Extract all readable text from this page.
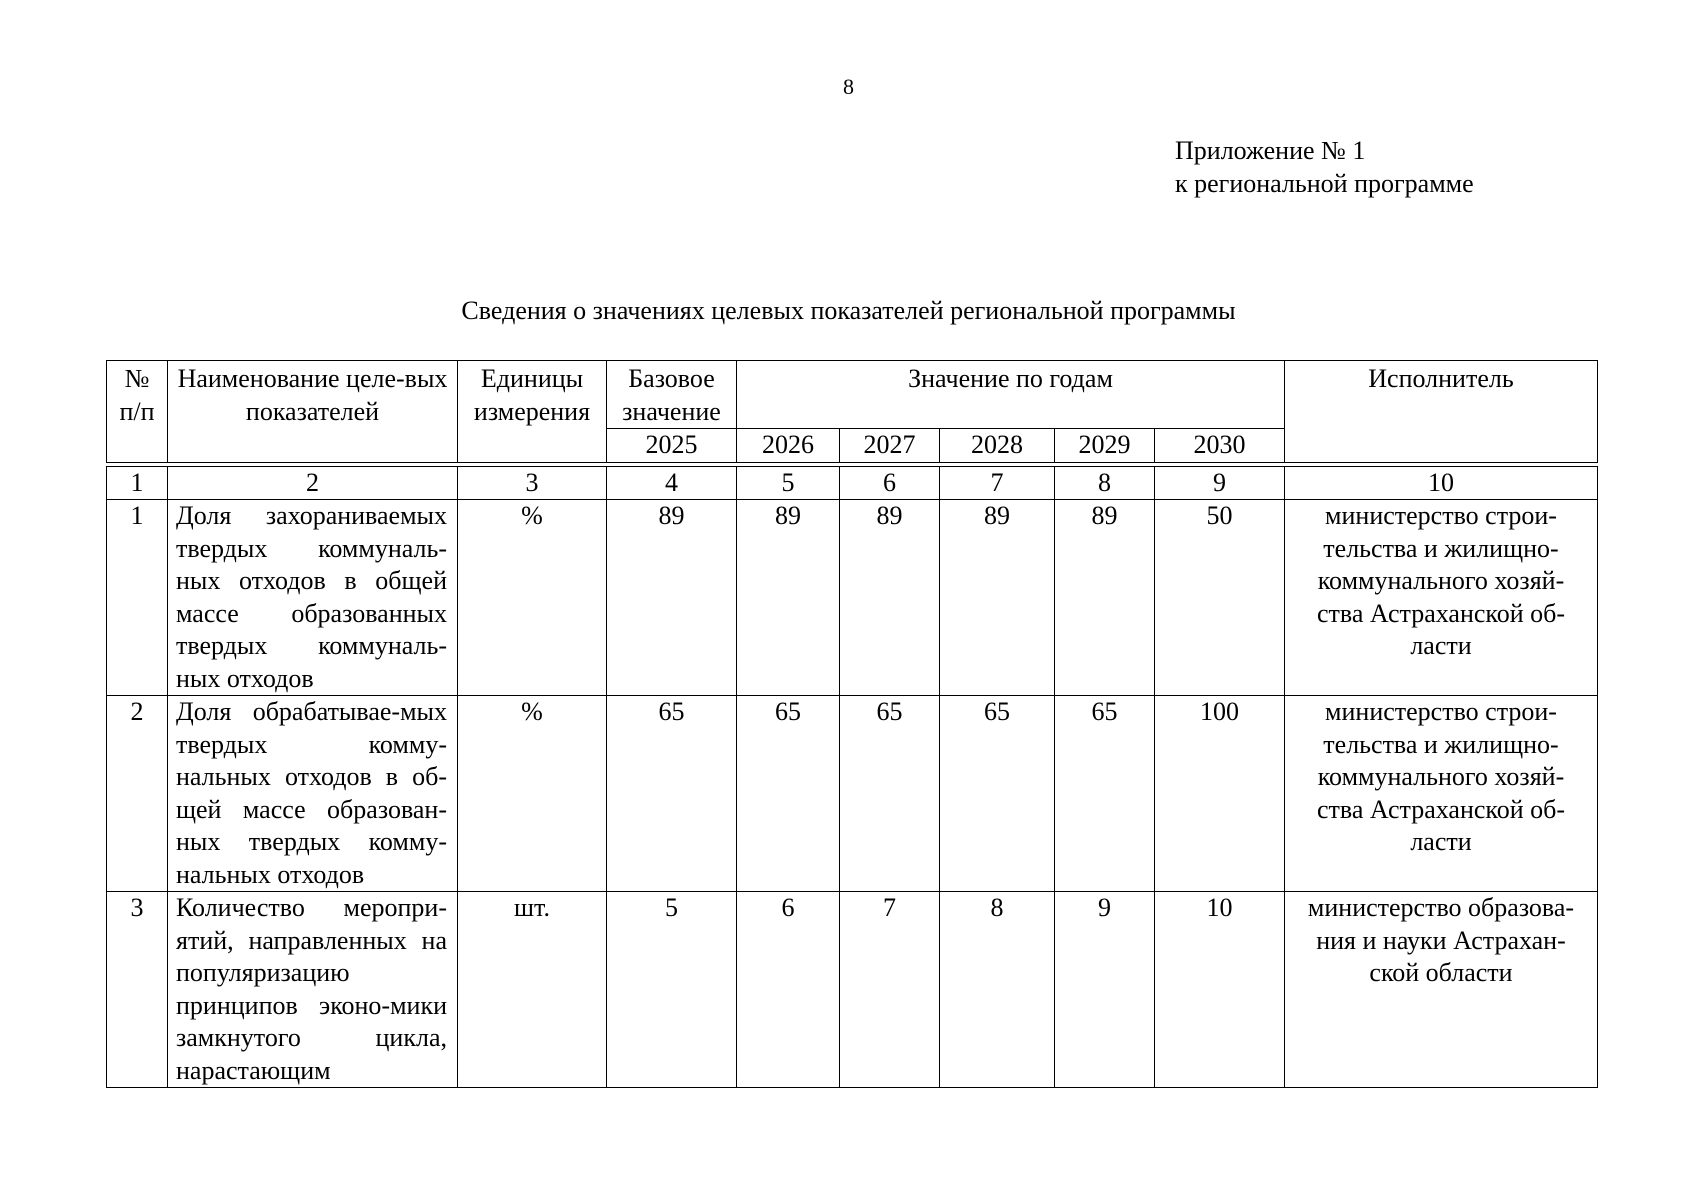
8
Приложение № 1
к региональной программе
Сведения о значениях целевых показателей региональной программы
№ п/п	Наименование целе-вых показателей	Единицы измерения	Базовое значение	Значение по годам					Исполнитель
			2025	2026	2027	2028	2029	2030	

1	2	3	4	5	6	7	8	9	10
1	Доля захораниваемых твердых коммуналь-ных отходов в общей массе образованных твердых коммуналь-ных отходов	%	89	89	89	89	89	50	министерство строи-тельства и жилищно-коммунального хозяй-ства Астраханской об-ласти
2	Доля обрабатывае-мых твердых комму-нальных отходов в об-щей массе образован-ных твердых комму-нальных отходов	%	65	65	65	65	65	100	министерство строи-тельства и жилищно-коммунального хозяй-ства Астраханской об-ласти
3	Количество меропри-ятий, направленных на популяризацию принципов эконо-мики замкнутого цикла, нарастающим	шт.	5	6	7	8	9	10	министерство образова-ния и науки Астрахан-ской области
